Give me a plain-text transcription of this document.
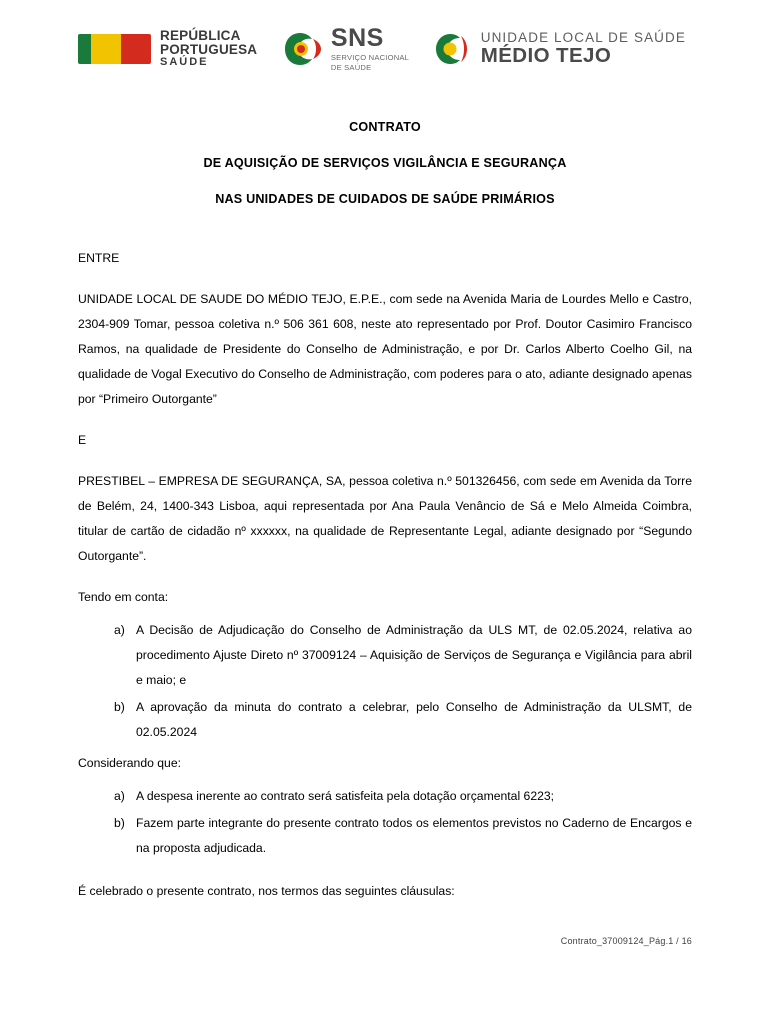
REPÚBLICA
PORTUGUESA
SAÚDE
SNS
SERVIÇO NACIONAL
DE SAÚDE
UNIDADE LOCAL DE SAÚDE
MÉDIO TEJO
CONTRATO
DE AQUISIÇÃO DE SERVIÇOS VIGILÂNCIA E SEGURANÇA
NAS UNIDADES DE CUIDADOS DE SAÚDE PRIMÁRIOS

ENTRE

UNIDADE LOCAL DE SAUDE DO MÉDIO TEJO, E.P.E., com sede na Avenida Maria de Lourdes Mello e Castro, 2304-909 Tomar, pessoa coletiva n.º 506 361 608, neste ato representado por Prof. Doutor Casimiro Francisco Ramos, na qualidade de Presidente do Conselho de Administração, e por Dr. Carlos Alberto Coelho Gil, na qualidade de Vogal Executivo do Conselho de Administração, com poderes para o ato, adiante designado apenas por “Primeiro Outorgante”

E

PRESTIBEL – EMPRESA DE SEGURANÇA, SA, pessoa coletiva n.º 501326456, com sede em Avenida da Torre de Belém, 24, 1400-343 Lisboa, aqui representada por Ana Paula Venâncio de Sá e Melo Almeida Coimbra, titular de cartão de cidadão nº xxxxxx, na qualidade de Representante Legal, adiante designado por “Segundo Outorgante”.

Tendo em conta:

a) A Decisão de Adjudicação do Conselho de Administração da ULS MT, de 02.05.2024, relativa ao procedimento Ajuste Direto nº 37009124 – Aquisição de Serviços de Segurança e Vigilância para abril e maio; e
b) A aprovação da minuta do contrato a celebrar, pelo Conselho de Administração da ULSMT, de 02.05.2024

Considerando que:

a) A despesa inerente ao contrato será satisfeita pela dotação orçamental 6223;
b) Fazem parte integrante do presente contrato todos os elementos previstos no Caderno de Encargos e na proposta adjudicada.

É celebrado o presente contrato, nos termos das seguintes cláusulas:

Contrato_37009124_Pág.1 / 16
